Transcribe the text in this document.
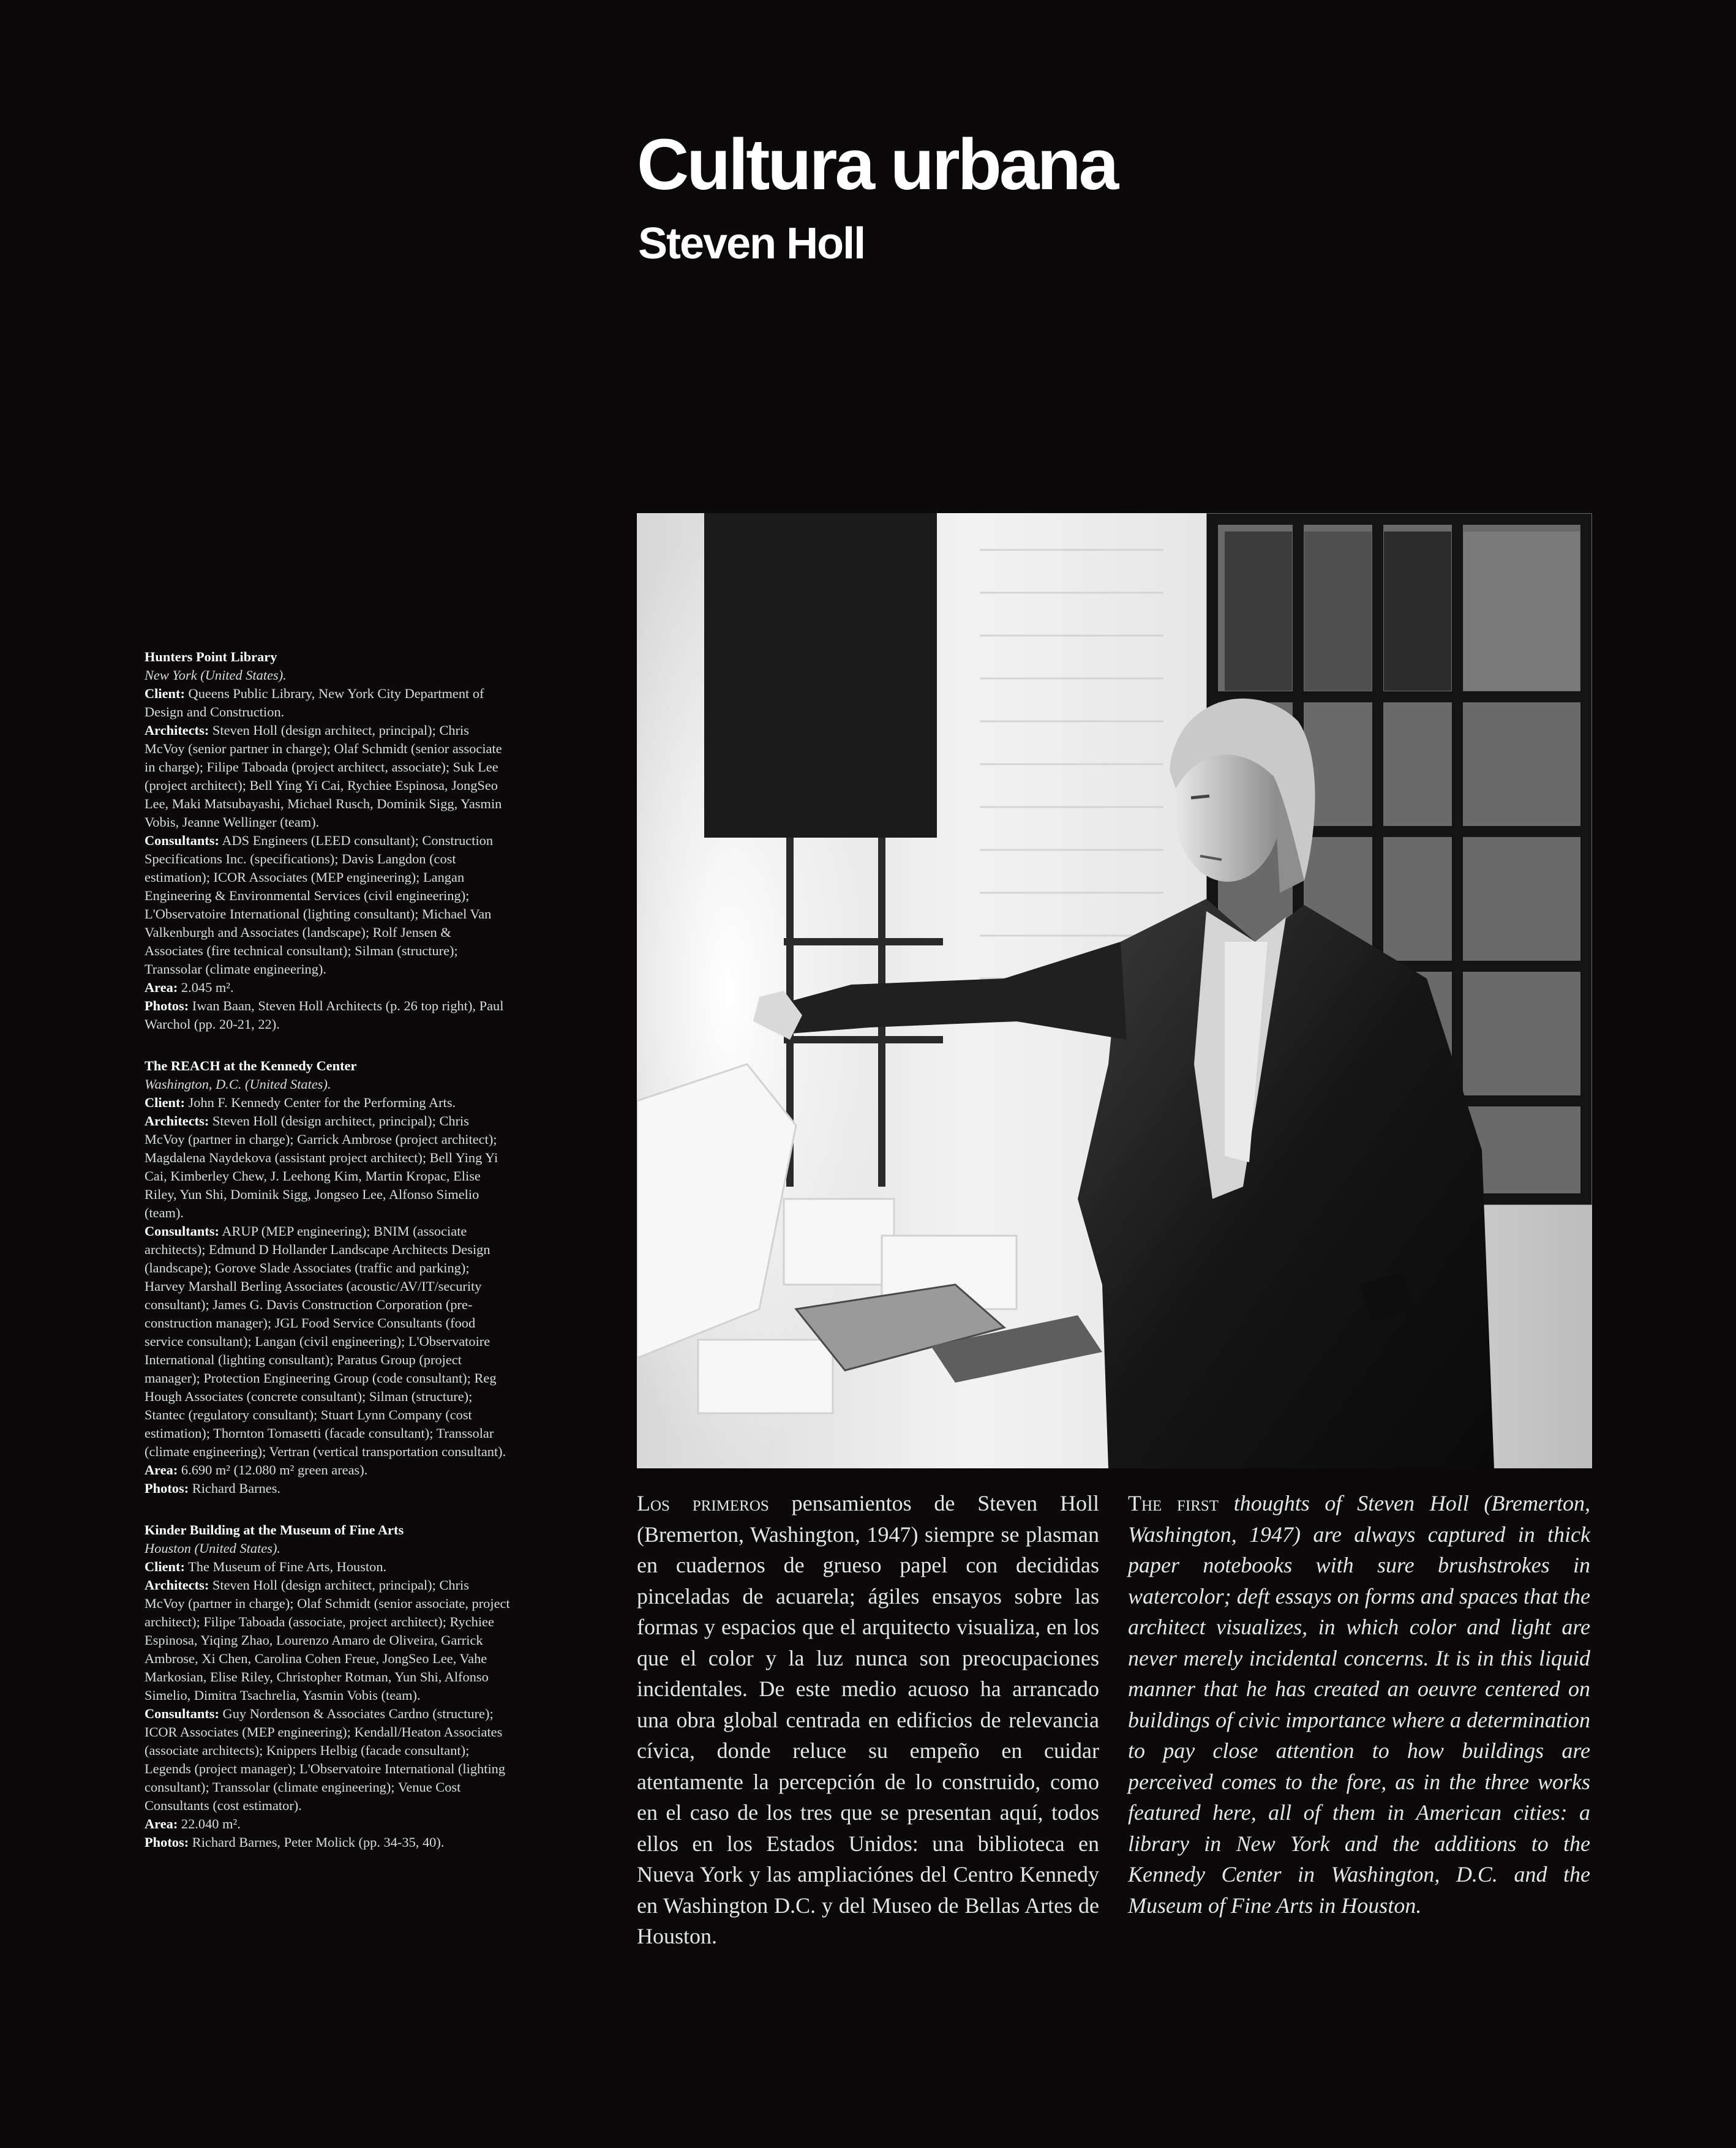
Cultura urbana
Steven Holl

Hunters Point Library
New York (United States).
Client: Queens Public Library, New York City Department of Design and Construction.
Architects: Steven Holl (design architect, principal); Chris McVoy (senior partner in charge); Olaf Schmidt (senior associate in charge); Filipe Taboada (project architect, associate); Suk Lee (project architect); Bell Ying Yi Cai, Rychiee Espinosa, JongSeo Lee, Maki Matsubayashi, Michael Rusch, Dominik Sigg, Yasmin Vobis, Jeanne Wellinger (team).
Consultants: ADS Engineers (LEED consultant); Construction Specifications Inc. (specifications); Davis Langdon (cost estimation); ICOR Associates (MEP engineering); Langan Engineering & Environmental Services (civil engineering); L'Observatoire International (lighting consultant); Michael Van Valkenburgh and Associates (landscape); Rolf Jensen & Associates (fire technical consultant); Silman (structure); Transsolar (climate engineering).
Area: 2.045 m².
Photos: Iwan Baan, Steven Holl Architects (p. 26 top right), Paul Warchol (pp. 20-21, 22).

The REACH at the Kennedy Center
Washington, D.C. (United States).
Client: John F. Kennedy Center for the Performing Arts.
Architects: Steven Holl (design architect, principal); Chris McVoy (partner in charge); Garrick Ambrose (project architect); Magdalena Naydekova (assistant project architect); Bell Ying Yi Cai, Kimberley Chew, J. Leehong Kim, Martin Kropac, Elise Riley, Yun Shi, Dominik Sigg, Jongseo Lee, Alfonso Simelio (team).
Consultants: ARUP (MEP engineering); BNIM (associate architects); Edmund D Hollander Landscape Architects Design (landscape); Gorove Slade Associates (traffic and parking); Harvey Marshall Berling Associates (acoustic/AV/IT/security consultant); James G. Davis Construction Corporation (pre-construction manager); JGL Food Service Consultants (food service consultant); Langan (civil engineering); L'Observatoire International (lighting consultant); Paratus Group (project manager); Protection Engineering Group (code consultant); Reg Hough Associates (concrete consultant); Silman (structure); Stantec (regulatory consultant); Stuart Lynn Company (cost estimation); Thornton Tomasetti (facade consultant); Transsolar (climate engineering); Vertran (vertical transportation consultant).
Area: 6.690 m² (12.080 m² green areas).
Photos: Richard Barnes.

Kinder Building at the Museum of Fine Arts
Houston (United States).
Client: The Museum of Fine Arts, Houston.
Architects: Steven Holl (design architect, principal); Chris McVoy (partner in charge); Olaf Schmidt (senior associate, project architect); Filipe Taboada (associate, project architect); Rychiee Espinosa, Yiqing Zhao, Lourenzo Amaro de Oliveira, Garrick Ambrose, Xi Chen, Carolina Cohen Freue, JongSeo Lee, Vahe Markosian, Elise Riley, Christopher Rotman, Yun Shi, Alfonso Simelio, Dimitra Tsachrelia, Yasmin Vobis (team).
Consultants: Guy Nordenson & Associates Cardno (structure); ICOR Associates (MEP engineering); Kendall/Heaton Associates (associate architects); Knippers Helbig (facade consultant); Legends (project manager); L'Observatoire International (lighting consultant); Transsolar (climate engineering); Venue Cost Consultants (cost estimator).
Area: 22.040 m².
Photos: Richard Barnes, Peter Molick (pp. 34-35, 40).

Los primeros pensamientos de Steven Holl (Bremerton, Washington, 1947) siempre se plasman en cuadernos de grueso papel con decididas pinceladas de acuarela; ágiles ensayos sobre las formas y espacios que el arquitecto visualiza, en los que el color y la luz nunca son preocupaciones incidentales. De este medio acuoso ha arrancado una obra global centrada en edificios de relevancia cívica, donde reluce su empeño en cuidar atentamente la percepción de lo construido, como en el caso de los tres que se presentan aquí, todos ellos en los Estados Unidos: una biblioteca en Nueva York y las ampliaciónes del Centro Kennedy en Washington D.C. y del Museo de Bellas Artes de Houston.
The first thoughts of Steven Holl (Bremerton, Washington, 1947) are always captured in thick paper notebooks with sure brushstrokes in watercolor; deft essays on forms and spaces that the architect visualizes, in which color and light are never merely incidental concerns. It is in this liquid manner that he has created an oeuvre centered on buildings of civic importance where a determination to pay close attention to how buildings are perceived comes to the fore, as in the three works featured here, all of them in American cities: a library in New York and the additions to the Kennedy Center in Washington, D.C. and the Museum of Fine Arts in Houston.
